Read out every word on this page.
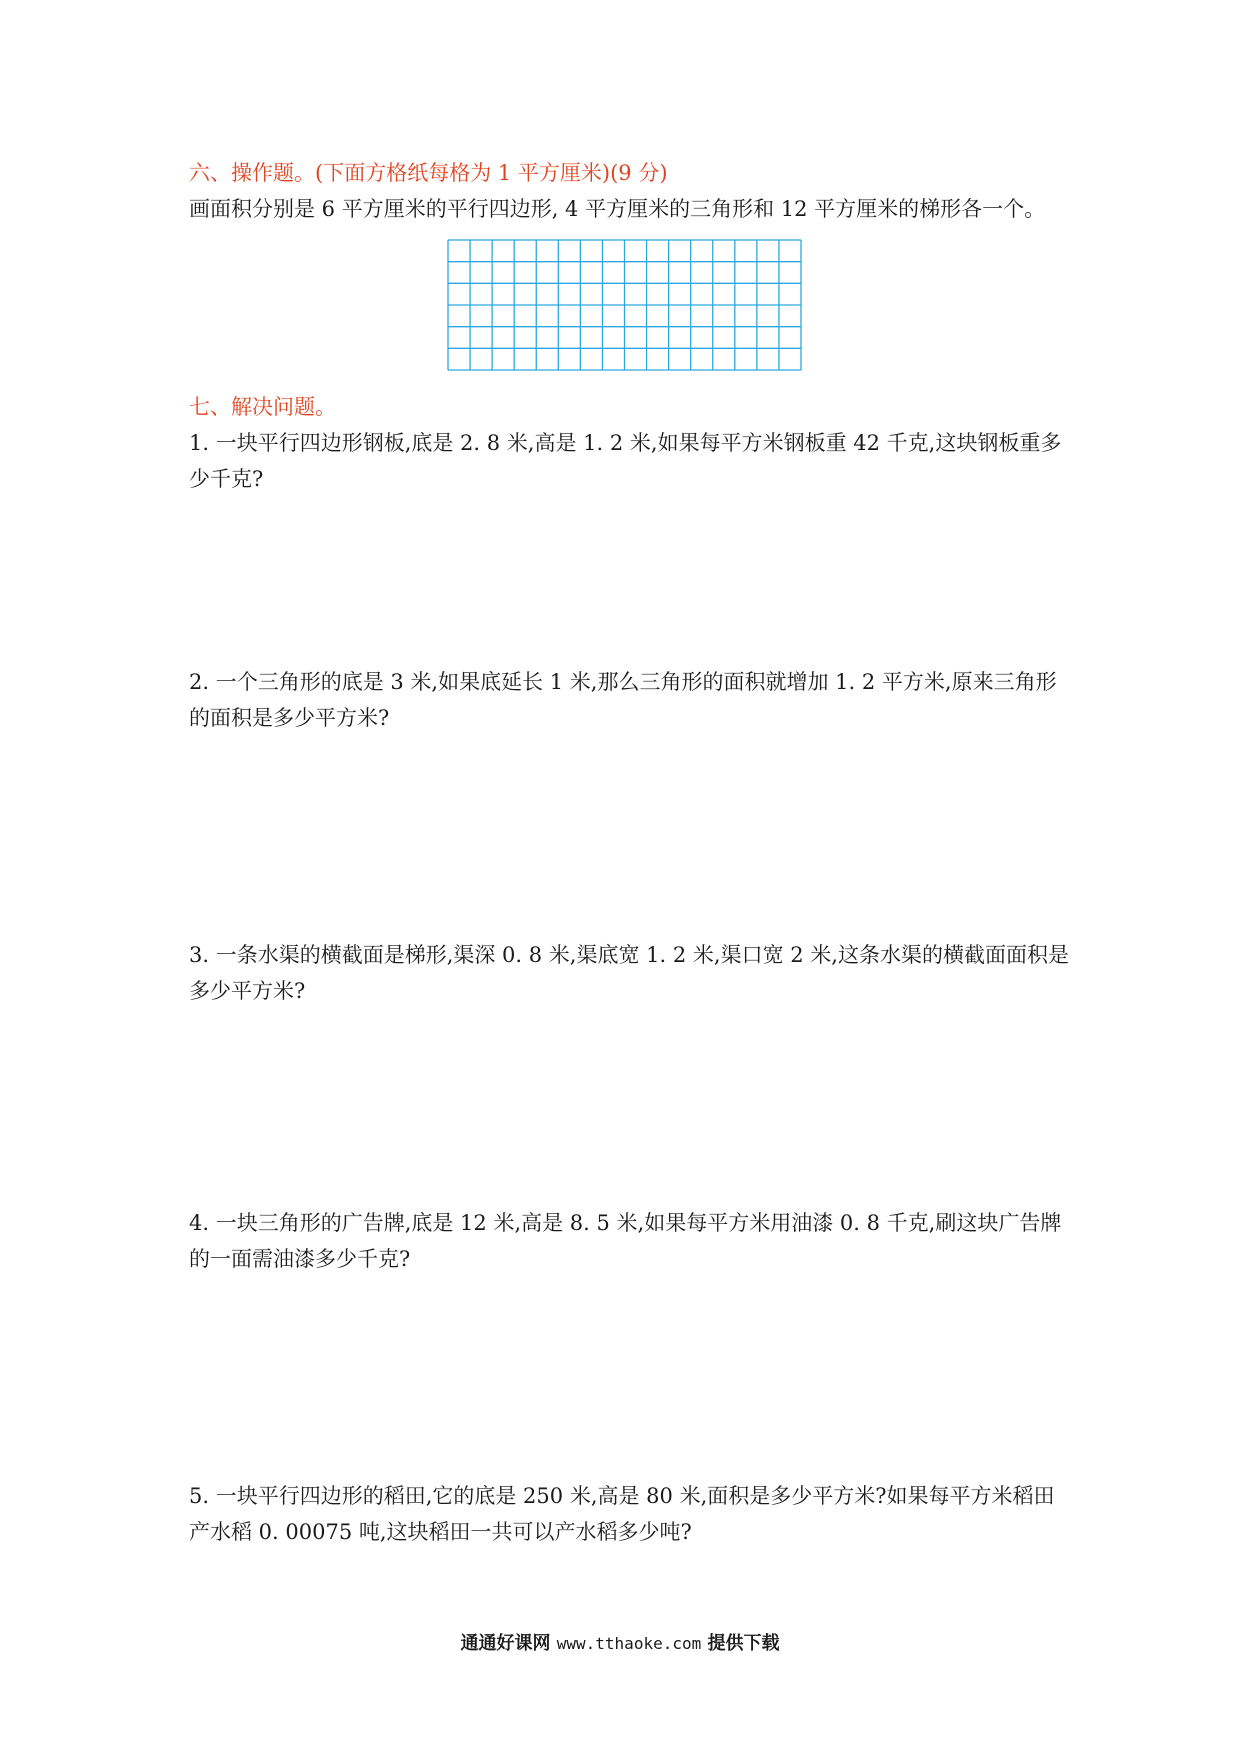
六、操作题。(下面方格纸每格为 1 平方厘米)(9 分)
画面积分别是 6 平方厘米的平行四边形, 4 平方厘米的三角形和 12 平方厘米的梯形各一个。
七、解决问题。
1. 一块平行四边形钢板,底是 2. 8 米,高是 1. 2 米,如果每平方米钢板重 42 千克,这块钢板重多
少千克?
2. 一个三角形的底是 3 米,如果底延长 1 米,那么三角形的面积就增加 1. 2 平方米,原来三角形
的面积是多少平方米?
3. 一条水渠的横截面是梯形,渠深 0. 8 米,渠底宽 1. 2 米,渠口宽 2 米,这条水渠的横截面面积是
多少平方米?
4. 一块三角形的广告牌,底是 12 米,高是 8. 5 米,如果每平方米用油漆 0. 8 千克,刷这块广告牌
的一面需油漆多少千克?
5. 一块平行四边形的稻田,它的底是 250 米,高是 80 米,面积是多少平方米?如果每平方米稻田
产水稻 0. 00075 吨,这块稻田一共可以产水稻多少吨?
通通好课网 www.tthaoke.com 提供下载
